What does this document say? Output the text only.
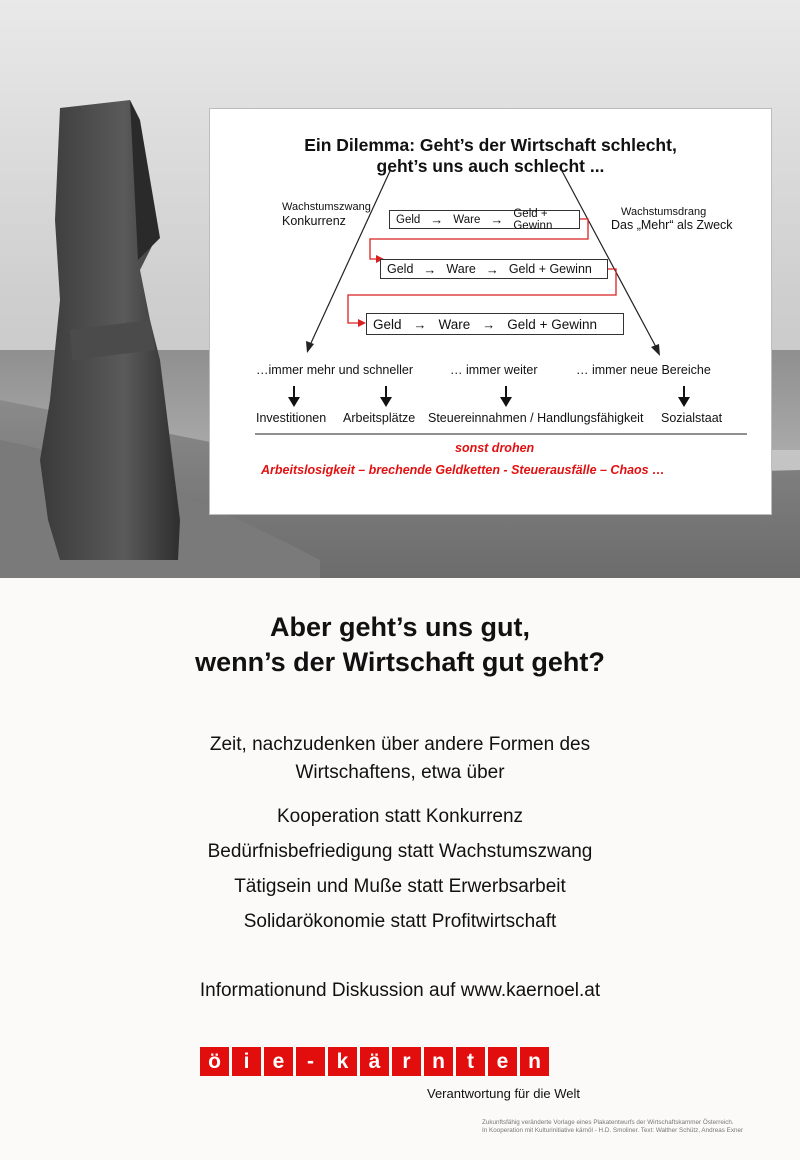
Ein Dilemma: Geht’s der Wirtschaft schlecht,
geht’s uns auch schlecht ...
Wachstumszwang
Konkurrenz
Wachstumsdrang
Das „Mehr“ als Zweck
Geld → Ware → Geld + Gewinn
Geld → Ware → Geld + Gewinn
Geld → Ware → Geld + Gewinn
…immer mehr und schneller	… immer weiter	… immer neue Bereiche
Investitionen Arbeitsplätze Steuereinnahmen / Handlungsfähigkeit Sozialstaat
sonst drohen
Arbeitslosigkeit – brechende Geldketten - Steuerausfälle – Chaos …
Aber geht’s uns gut,
wenn’s der Wirtschaft gut geht?
Zeit, nachzudenken über andere Formen des
Wirtschaftens, etwa über
Kooperation statt Konkurrenz
Bedürfnisbefriedigung statt Wachstumszwang
Tätigsein und Muße statt Erwerbsarbeit
Solidarökonomie statt Profitwirtschaft
Informationund Diskussion auf www.kaernoel.at
ö	i	e	-	k ä	r	n	t	e n
Verantwortung für die Welt
Zukunftsfähig veränderte Vorlage eines Plakatentwurfs der Wirtschaftskammer Österreich.
In Kooperation mit Kulturinitiative kärnöl - H.D. Smoliner. Text: Walther Schütz, Andreas Exner
